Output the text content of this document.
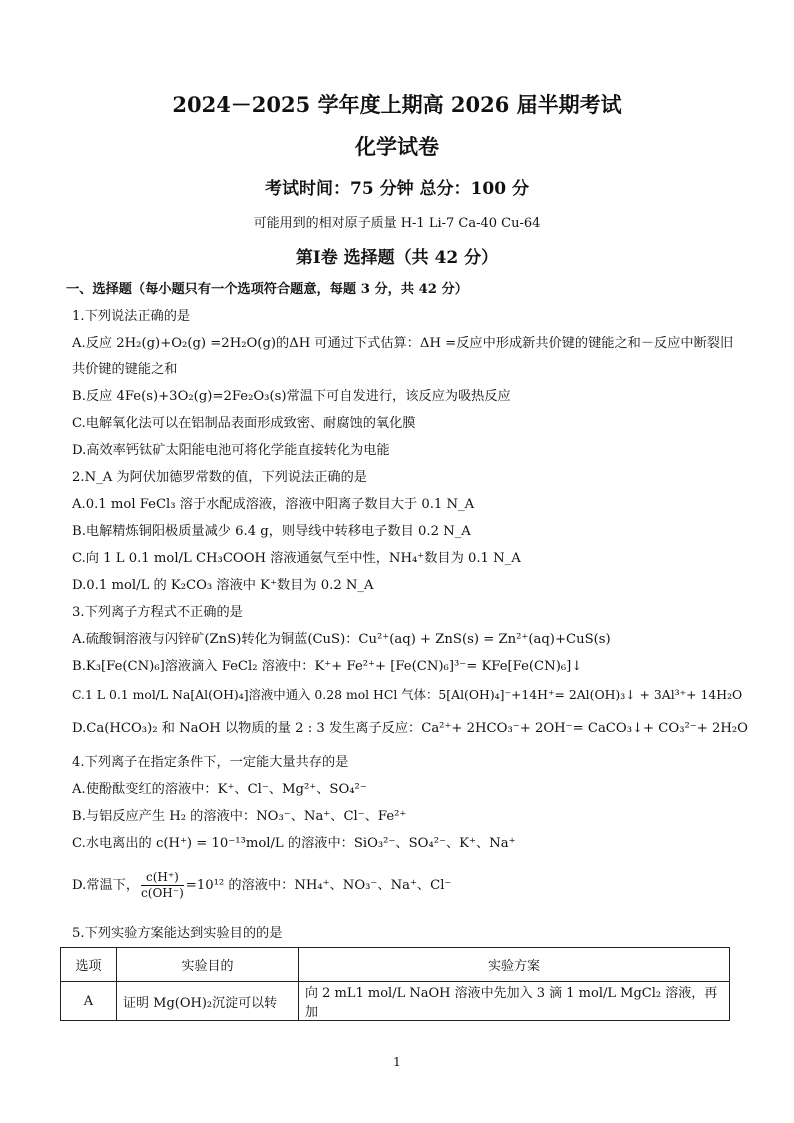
2024－2025 学年度上期高 2026 届半期考试
化学试卷
考试时间：75 分钟 总分：100 分
可能用到的相对原子质量 H-1 Li-7 Ca-40 Cu-64
第Ⅰ卷 选择题（共 42 分）
一、选择题（每小题只有一个选项符合题意，每题 3 分，共 42 分）
1.下列说法正确的是
A.反应 2H₂(g)+O₂(g) =2H₂O(g)的ΔH 可通过下式估算：ΔH =反应中形成新共价键的键能之和－反应中断裂旧
共价键的键能之和
B.反应 4Fe(s)+3O₂(g)=2Fe₂O₃(s)常温下可自发进行，该反应为吸热反应
C.电解氧化法可以在铝制品表面形成致密、耐腐蚀的氧化膜
D.高效率钙钛矿太阳能电池可将化学能直接转化为电能
2.N_A 为阿伏加德罗常数的值，下列说法正确的是
A.0.1 mol FeCl₃ 溶于水配成溶液，溶液中阳离子数目大于 0.1 N_A
B.电解精炼铜阳极质量减少 6.4 g，则导线中转移电子数目 0.2 N_A
C.向 1 L 0.1 mol/L CH₃COOH 溶液通氨气至中性，NH₄⁺数目为 0.1 N_A
D.0.1 mol/L 的 K₂CO₃ 溶液中 K⁺数目为 0.2 N_A
3.下列离子方程式不正确的是
A.硫酸铜溶液与闪锌矿(ZnS)转化为铜蓝(CuS)：Cu²⁺(aq) + ZnS(s) = Zn²⁺(aq)+CuS(s)
B.K₃[Fe(CN)₆]溶液滴入 FeCl₂ 溶液中：K⁺+ Fe²⁺+ [Fe(CN)₆]³⁻= KFe[Fe(CN)₆]↓
C.1 L 0.1 mol/L Na[Al(OH)₄]溶液中通入 0.28 mol HCl 气体：5[Al(OH)₄]⁻+14H⁺= 2Al(OH)₃↓ + 3Al³⁺+ 14H₂O
D.Ca(HCO₃)₂ 和 NaOH 以物质的量 2 : 3 发生离子反应：Ca²⁺+ 2HCO₃⁻+ 2OH⁻= CaCO₃↓+ CO₃²⁻+ 2H₂O
4.下列离子在指定条件下，一定能大量共存的是
A.使酚酞变红的溶液中：K⁺、Cl⁻、Mg²⁺、SO₄²⁻
B.与铝反应产生 H₂ 的溶液中：NO₃⁻、Na⁺、Cl⁻、Fe²⁺
C.水电离出的 c(H⁺) = 10⁻¹³mol/L 的溶液中：SiO₃²⁻、SO₄²⁻、K⁺、Na⁺
D.常温下， $\frac{c(H^+)}{c(OH^-)} =10^{12}$ 的溶液中：NH₄⁺、NO₃⁻、Na⁺、Cl⁻
5.下列实验方案能达到实验目的的是
选项	实验目的	实验方案
A	证明 Mg(OH)₂沉淀可以转	向 2 mL1 mol/L NaOH 溶液中先加入 3 滴 1 mol/L MgCl₂ 溶液，再加
1
